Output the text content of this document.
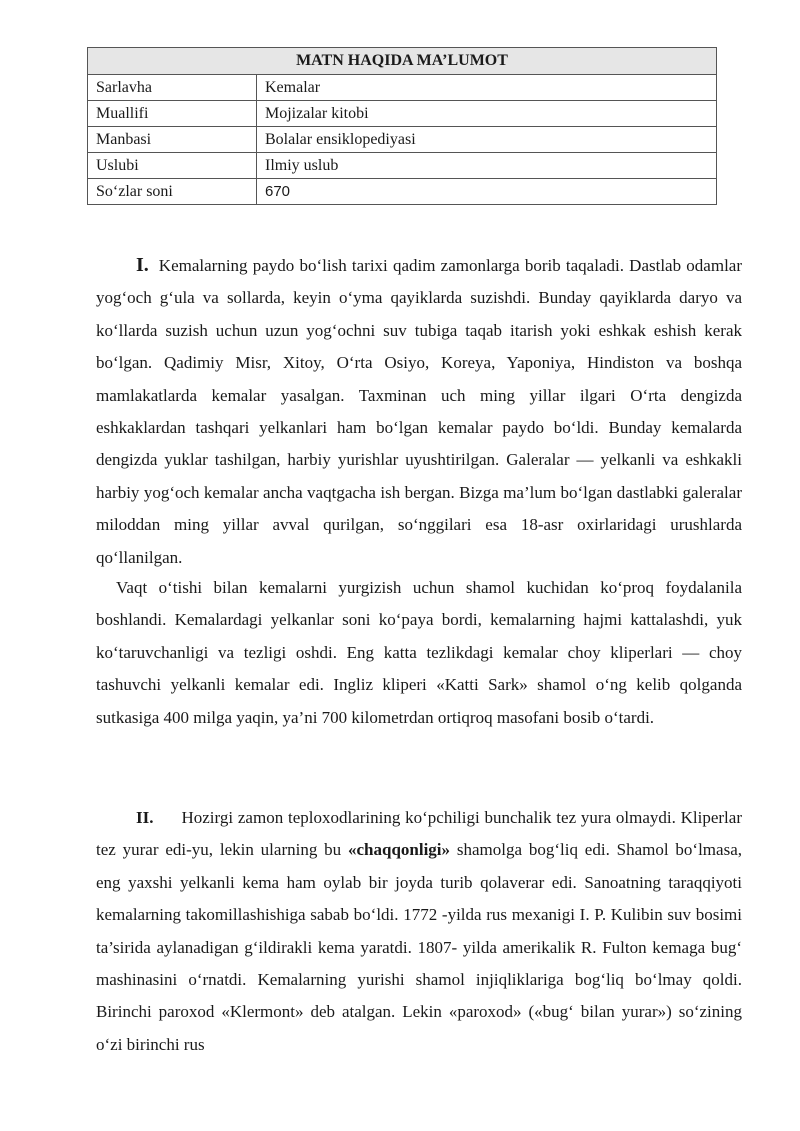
MATN HAQIDA MA’LUMOT	
Sarlavha	Kemalar
Muallifi	Mojizalar kitobi
Manbasi	Bolalar ensiklopediyasi
Uslubi	Ilmiy uslub
So‘zlar soni	670

I. Kemalarning paydo bo‘lish tarixi qadim zamonlarga borib taqaladi. Dastlab odamlar yog‘och g‘ula va sollarda, keyin o‘yma qayiklarda suzishdi. Bunday qayiklarda daryo va ko‘llarda suzish uchun uzun yog‘ochni suv tubiga taqab itarish yoki eshkak eshish kerak bo‘lgan. Qadimiy Misr, Xitoy, O‘rta Osiyo, Koreya, Yaponiya, Hindiston va boshqa mamlakatlarda kemalar yasalgan. Taxminan uch ming yillar ilgari O‘rta dengizda eshkaklardan tashqari yelkanlari ham bo‘lgan kemalar paydo bo‘ldi. Bunday kemalarda dengizda yuklar tashilgan, harbiy yurishlar uyushtirilgan. Galeralar — yelkanli va eshkakli harbiy yog‘och kemalar ancha vaqtgacha ish bergan. Bizga ma’lum bo‘lgan dastlabki galeralar miloddan ming yillar avval qurilgan, so‘nggilari esa 18-asr oxirlaridagi urushlarda qo‘llanilgan.

Vaqt o‘tishi bilan kemalarni yurgizish uchun shamol kuchidan ko‘proq foydalanila boshlandi. Kemalardagi yelkanlar soni ko‘paya bordi, kemalarning hajmi kattalashdi, yuk ko‘taruvchanligi va tezligi oshdi. Eng katta tezlikdagi kemalar choy kliperlari — choy tashuvchi yelkanli kemalar edi. Ingliz kliperi «Katti Sark» shamol o‘ng kelib qolganda sutkasiga 400 milga yaqin, ya’ni 700 kilometrdan ortiqroq masofani bosib o‘tardi.

II. Hozirgi zamon teploxodlarining ko‘pchiligi bunchalik tez yura olmaydi. Kliperlar tez yurar edi-yu, lekin ularning bu «chaqqonligi» shamolga bog‘liq edi. Shamol bo‘lmasa, eng yaxshi yelkanli kema ham oylab bir joyda turib qolaverar edi. Sanoatning taraqqiyoti kemalarning takomillashishiga sabab bo‘ldi. 1772 -yilda rus mexanigi I. P. Kulibin suv bosimi ta’sirida aylanadigan g‘ildirakli kema yaratdi. 1807- yilda amerikalik R. Fulton kemaga bug‘ mashinasini o‘rnatdi. Kemalarning yurishi shamol injiqliklariga bog‘liq bo‘lmay qoldi. Birinchi paroxod «Klermont» deb atalgan. Lekin «paroxod» («bug‘ bilan yurar») so‘zining o‘zi birinchi rus
